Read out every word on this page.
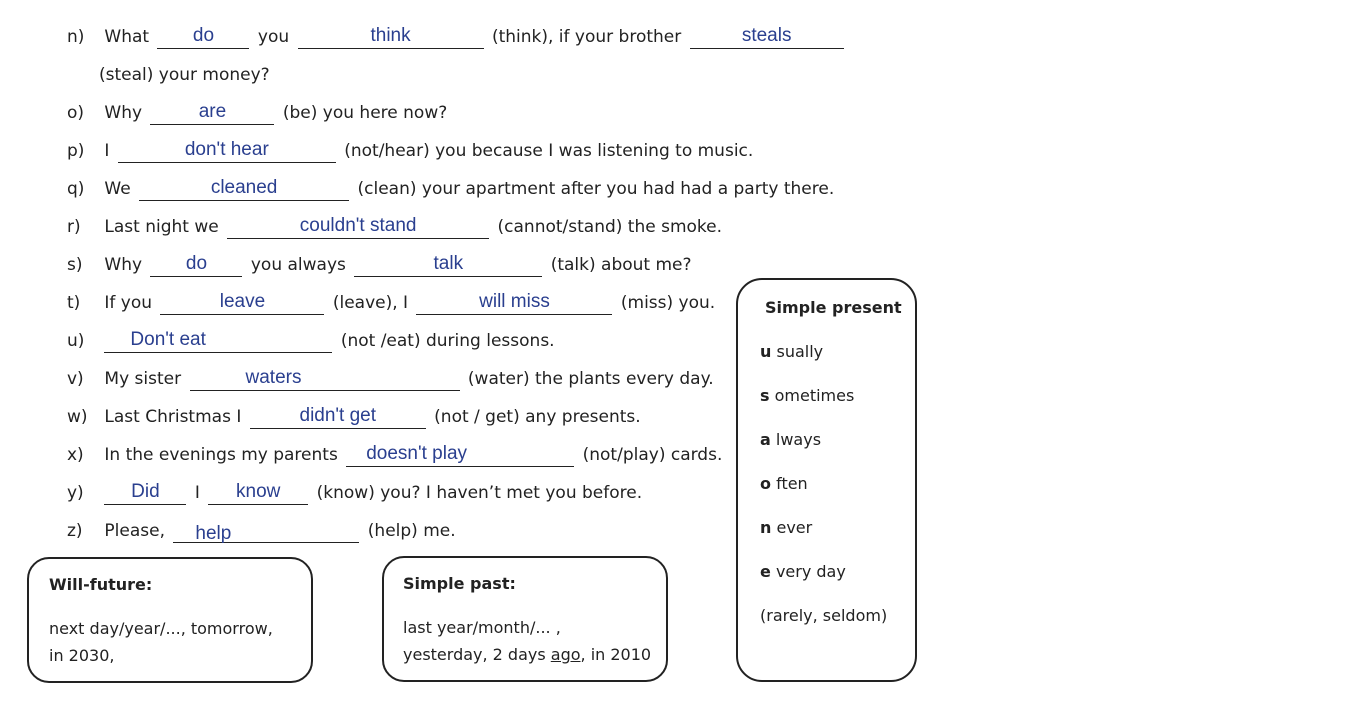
n) What	do	you	think	(think), if your brother	steals
(steal) your money?
o) Why	are	(be) you here now?
p) I	don't hear	(not/hear) you because I was listening to music.
q) We	cleaned	(clean) your apartment after you had had a party there.
r) Last night we	couldn't stand	(cannot/stand) the smoke.
s) Why	do	you always	talk	(talk) about me?
t) If you	leave	(leave), I	will miss	(miss) you.
u) Don't eat	(not /eat) during lessons.
v) My sister	waters	(water) the plants every day.
w) Last Christmas I	didn't get	(not / get) any presents.
x) In the evenings my parents doesn't play	(not/play) cards.
y)	Did	I	know	(know) you? I haven’t met you before.
z) Please, help	(help) me.
Will-future:
next day/year/..., tomorrow,
in 2030,
Simple past:
last year/month/... ,
yesterday, 2 days ago, in 2010
Simple present
u sually
s ometimes
a lways
o ften
n ever
e very day
(rarely, seldom)
